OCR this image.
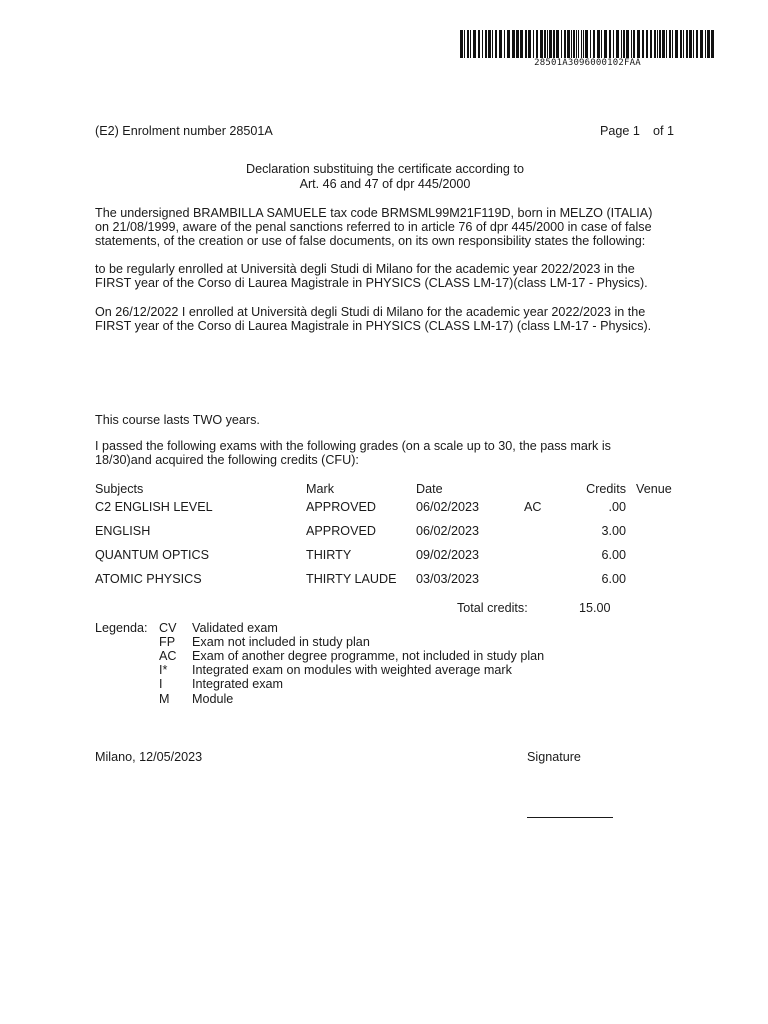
28501A3096000102FAA
(E2) Enrolment number 28501A	Page 1 of 1
Declaration substituing the certificate according to
Art. 46 and 47 of dpr 445/2000
The undersigned BRAMBILLA SAMUELE tax code BRMSML99M21F119D, born in MELZO (ITALIA)
on 21/08/1999, aware of the penal sanctions referred to in article 76 of dpr 445/2000 in case of false
statements, of the creation or use of false documents, on its own responsibility states the following:
to be regularly enrolled at Università degli Studi di Milano for the academic year 2022/2023 in the
FIRST year of the Corso di Laurea Magistrale in PHYSICS (CLASS LM-17)(class LM-17 - Physics).
On 26/12/2022 I enrolled at Università degli Studi di Milano for the academic year 2022/2023 in the
FIRST year of the Corso di Laurea Magistrale in PHYSICS (CLASS LM-17) (class LM-17 - Physics).
This course lasts TWO years.
I passed the following exams with the following grades (on a scale up to 30, the pass mark is
18/30)and acquired the following credits (CFU):
Subjects	Mark	Date	Credits Venue
C2 ENGLISH LEVEL	APPROVED	06/02/2023	AC	.00
ENGLISH	APPROVED	06/02/2023	3.00
QUANTUM OPTICS	THIRTY	09/02/2023	6.00
ATOMIC PHYSICS	THIRTY LAUDE 03/03/2023	6.00
Total credits:	15.00
Legenda: CV Validated exam
FP Exam not included in study plan
AC Exam of another degree programme, not included in study plan
I* Integrated exam on modules with weighted average mark
I Integrated exam
M Module
Milano, 12/05/2023	Signature
